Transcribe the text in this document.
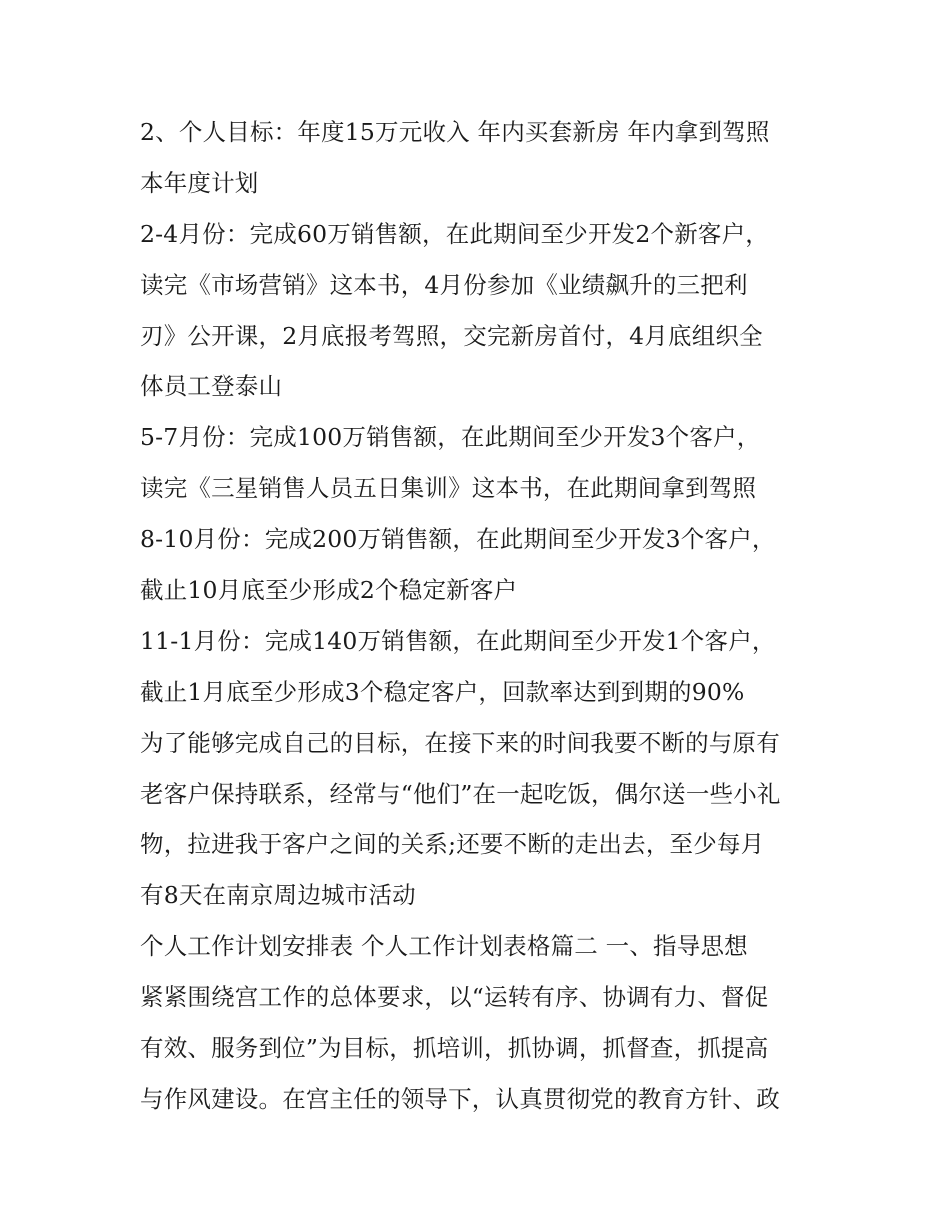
2、个人目标：年度15万元收入 年内买套新房 年内拿到驾照
本年度计划
2-4月份：完成60万销售额，在此期间至少开发2个新客户，
读完《市场营销》这本书，4月份参加《业绩飙升的三把利
刃》公开课，2月底报考驾照，交完新房首付，4月底组织全
体员工登泰山
5-7月份：完成100万销售额，在此期间至少开发3个客户，
读完《三星销售人员五日集训》这本书，在此期间拿到驾照
8-10月份：完成200万销售额，在此期间至少开发3个客户，
截止10月底至少形成2个稳定新客户
11-1月份：完成140万销售额，在此期间至少开发1个客户，
截止1月底至少形成3个稳定客户，回款率达到到期的90%
为了能够完成自己的目标，在接下来的时间我要不断的与原有
老客户保持联系，经常与“他们”在一起吃饭，偶尔送一些小礼
物，拉进我于客户之间的关系;还要不断的走出去，至少每月
有8天在南京周边城市活动
个人工作计划安排表 个人工作计划表格篇二 一、指导思想
紧紧围绕宫工作的总体要求，以“运转有序、协调有力、督促
有效、服务到位”为目标，抓培训，抓协调，抓督查，抓提高
与作风建设。在宫主任的领导下，认真贯彻党的教育方针、政
